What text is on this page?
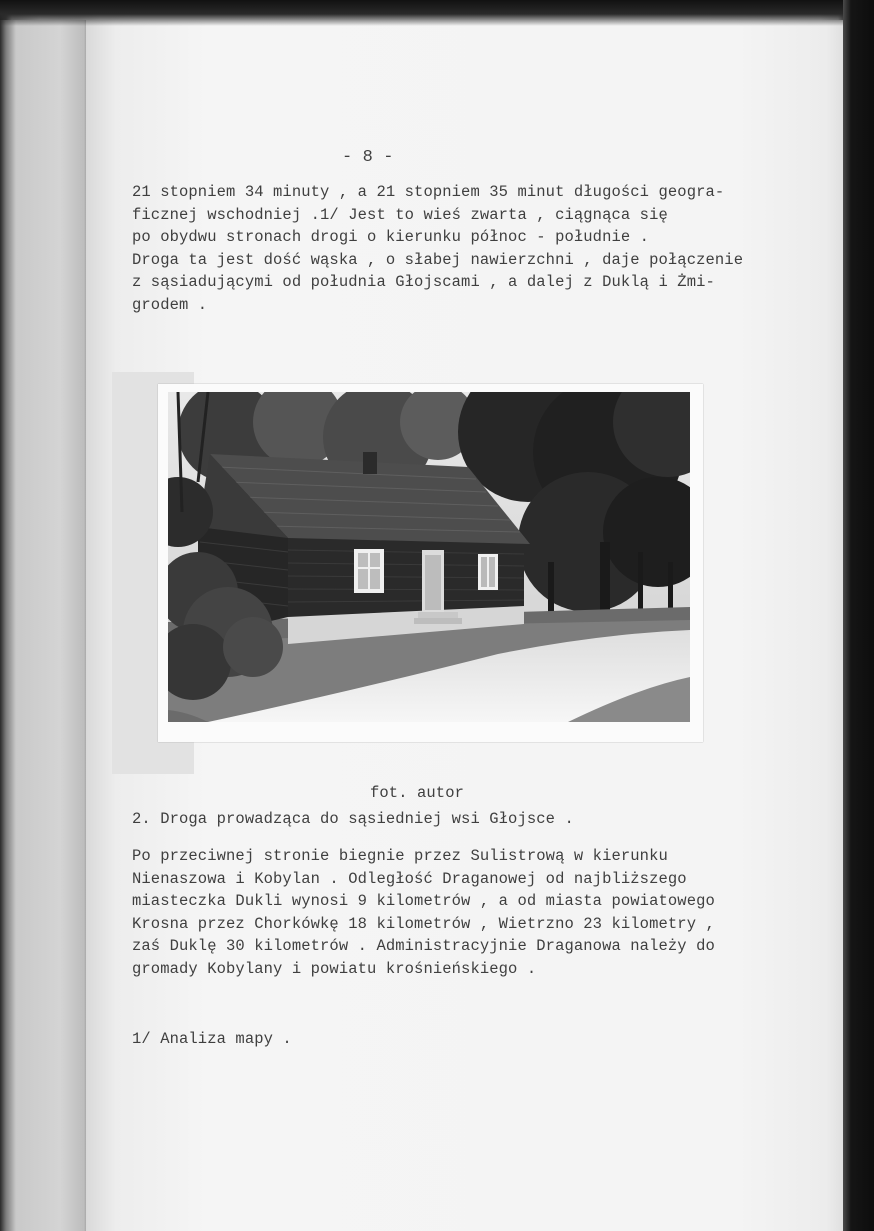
- 8 -
21 stopniem 34 minuty , a 21 stopniem 35 minut długości geogra-
ficznej wschodniej .1/ Jest to wieś zwarta , ciągnąca się
po obydwu stronach drogi o kierunku północ - południe .
Droga ta jest dość wąska , o słabej nawierzchni , daje połączenie
z sąsiadującymi od południa Głojscami , a dalej z Duklą i Żmi-
grodem .
fot. autor
2. Droga prowadząca do sąsiedniej wsi Głojsce .
Po przeciwnej stronie biegnie przez Sulistrową w kierunku
Nienaszowa i Kobylan . Odległość Draganowej od najbliższego
miasteczka Dukli wynosi 9 kilometrów , a od miasta powiatowego
Krosna przez Chorkówkę 18 kilometrów , Wietrzno 23 kilometry ,
zaś Duklę 30 kilometrów . Administracyjnie Draganowa należy do
gromady Kobylany i powiatu krośnieńskiego .
1/ Analiza mapy .
